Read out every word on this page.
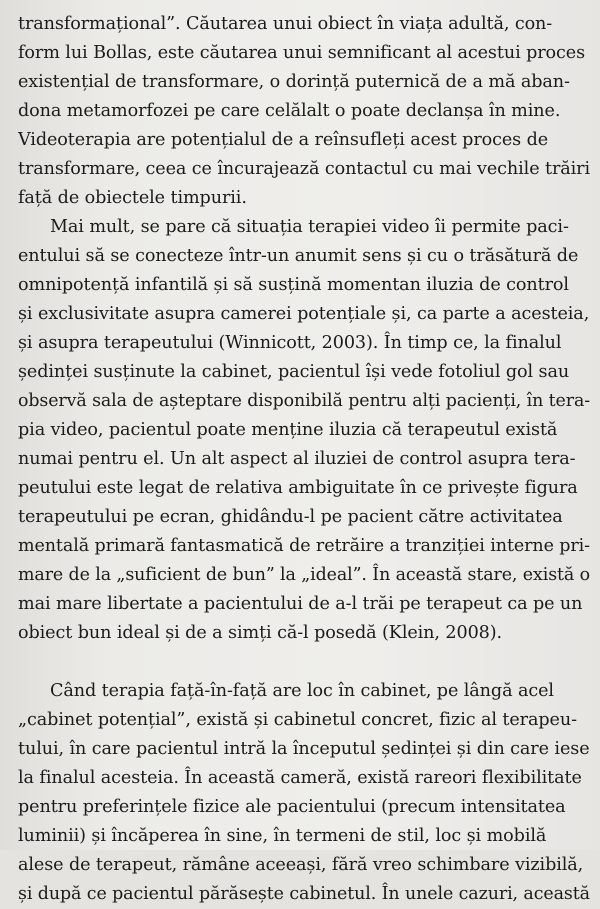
transformațional”. Căutarea unui obiect în viața adultă, con-
form lui Bollas, este căutarea unui semnificant al acestui proces
existențial de transformare, o dorință puternică de a mă aban-
dona metamorfozei pe care celălalt o poate declanșa în mine.
Videoterapia are potențialul de a reînsufleți acest proces de
transformare, ceea ce încurajează contactul cu mai vechile trăiri
față de obiectele timpurii.
Mai mult, se pare că situația terapiei video îi permite paci-
entului să se conecteze într-un anumit sens și cu o trăsătură de
omnipotență infantilă și să susțină momentan iluzia de control
și exclusivitate asupra camerei potențiale și, ca parte a acesteia,
și asupra terapeutului (Winnicott, 2003). În timp ce, la finalul
ședinței susținute la cabinet, pacientul își vede fotoliul gol sau
observă sala de așteptare disponibilă pentru alți pacienți, în tera-
pia video, pacientul poate menține iluzia că terapeutul există
numai pentru el. Un alt aspect al iluziei de control asupra tera-
peutului este legat de relativa ambiguitate în ce privește figura
terapeutului pe ecran, ghidându-l pe pacient către activitatea
mentală primară fantasmatică de retrăire a tranziției interne pri-
mare de la „suficient de bun” la „ideal”. În această stare, există o
mai mare libertate a pacientului de a-l trăi pe terapeut ca pe un
obiect bun ideal și de a simți că-l posedă (Klein, 2008).
Când terapia față-în-față are loc în cabinet, pe lângă acel
„cabinet potențial”, există și cabinetul concret, fizic al terapeu-
tului, în care pacientul intră la începutul ședinței și din care iese
la finalul acesteia. În această cameră, există rareori flexibilitate
pentru preferințele fizice ale pacientului (precum intensitatea
luminii) și încăperea în sine, în termeni de stil, loc și mobilă
alese de terapeut, rămâne aceeași, fără vreo schimbare vizibilă,
și după ce pacientul părăsește cabinetul. În unele cazuri, această
